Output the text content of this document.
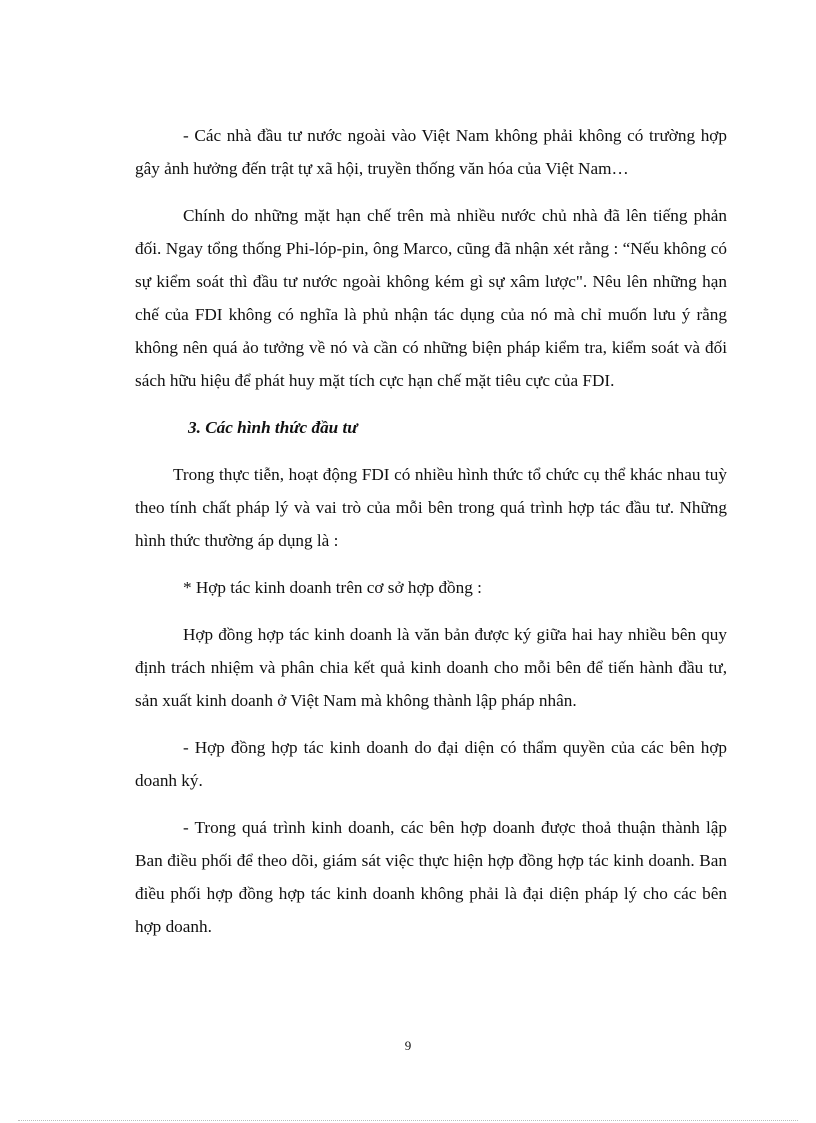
- Các nhà đầu tư nước ngoài vào Việt Nam không phải không có trường hợp gây ảnh hưởng đến trật tự xã hội, truyền thống văn hóa của Việt Nam…

Chính do những mặt hạn chế trên mà nhiều nước chủ nhà đã lên tiếng phản đối. Ngay tổng thống Phi-lóp-pin, ông Marco, cũng đã nhận xét rằng : “Nếu không có sự kiểm soát thì đầu tư nước ngoài không kém gì sự xâm lược". Nêu lên những hạn chế của FDI không có nghĩa là phủ nhận tác dụng của nó mà chỉ muốn lưu ý rằng không nên quá ảo tưởng về nó và cần có những biện pháp kiểm tra, kiểm soát và đối sách hữu hiệu để phát huy mặt tích cực hạn chế mặt tiêu cực của FDI.

3. Các hình thức đầu tư

Trong thực tiễn, hoạt động FDI có nhiều hình thức tổ chức cụ thể khác nhau tuỳ theo tính chất pháp lý và vai trò của mỗi bên trong quá trình hợp tác đầu tư. Những hình thức thường áp dụng là :

* Hợp tác kinh doanh trên cơ sở hợp đồng :

Hợp đồng hợp tác kinh doanh là văn bản được ký giữa hai hay nhiều bên quy định trách nhiệm và phân chia kết quả kinh doanh cho mỗi bên để tiến hành đầu tư, sản xuất kinh doanh ở Việt Nam mà không thành lập pháp nhân.

- Hợp đồng hợp tác kinh doanh do đại diện có thẩm quyền của các bên hợp doanh ký.

- Trong quá trình kinh doanh, các bên hợp doanh được thoả thuận thành lập Ban điều phối để theo dõi, giám sát việc thực hiện hợp đồng hợp tác kinh doanh. Ban điều phối hợp đồng hợp tác kinh doanh không phải là đại diện pháp lý cho các bên hợp doanh.

9
